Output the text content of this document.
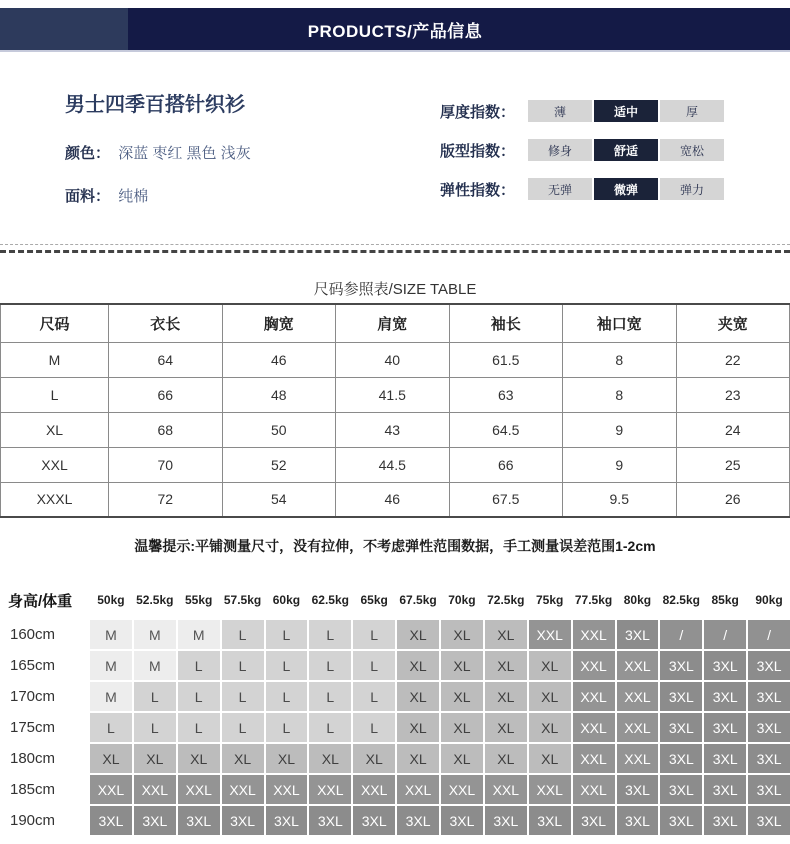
PRODUCTS/产品信息
男士四季百搭针织衫
颜色： 深蓝 枣红 黑色 浅灰
面料： 纯棉
厚度指数：	薄	适中	厚
版型指数：	修身	舒适	宽松
弹性指数：	无弹	微弹	弹力
尺码参照表/SIZE TABLE
尺码	衣长	胸宽	肩宽	袖长	袖口宽	夹宽
M	64	46	40	61.5	8	22
L	66	48	41.5	63	8	23
XL	68	50	43	64.5	9	24
XXL	70	52	44.5	66	9	25
XXXL	72	54	46	67.5	9.5	26
温馨提示:平铺测量尺寸，没有拉伸，不考虑弹性范围数据，手工测量误差范围1-2cm
身高/体重	50kg 52.5kg 55kg 57.5kg 60kg 62.5kg 65kg 67.5kg 70kg 72.5kg 75kg 77.5kg 80kg 82.5kg 85kg	90kg
160cm	M	M	M	L	L	L	L	XL	XL	XL	XXL	XXL	3XL	/	/	/
165cm	M	M	L	L	L	L	L	XL	XL	XL	XL	XXL	XXL	3XL	3XL	3XL
170cm	M	L	L	L	L	L	L	XL	XL	XL	XL	XXL	XXL	3XL	3XL	3XL
175cm	L	L	L	L	L	L	L	XL	XL	XL	XL	XXL	XXL	3XL	3XL	3XL
180cm	XL	XL	XL	XL	XL	XL	XL	XL	XL	XL	XL	XXL	XXL	3XL	3XL	3XL
185cm	XXL	XXL	XXL	XXL	XXL	XXL	XXL	XXL	XXL	XXL	XXL	XXL	3XL	3XL	3XL	3XL
190cm	3XL	3XL	3XL	3XL	3XL	3XL	3XL	3XL	3XL	3XL	3XL	3XL	3XL	3XL	3XL	3XL
